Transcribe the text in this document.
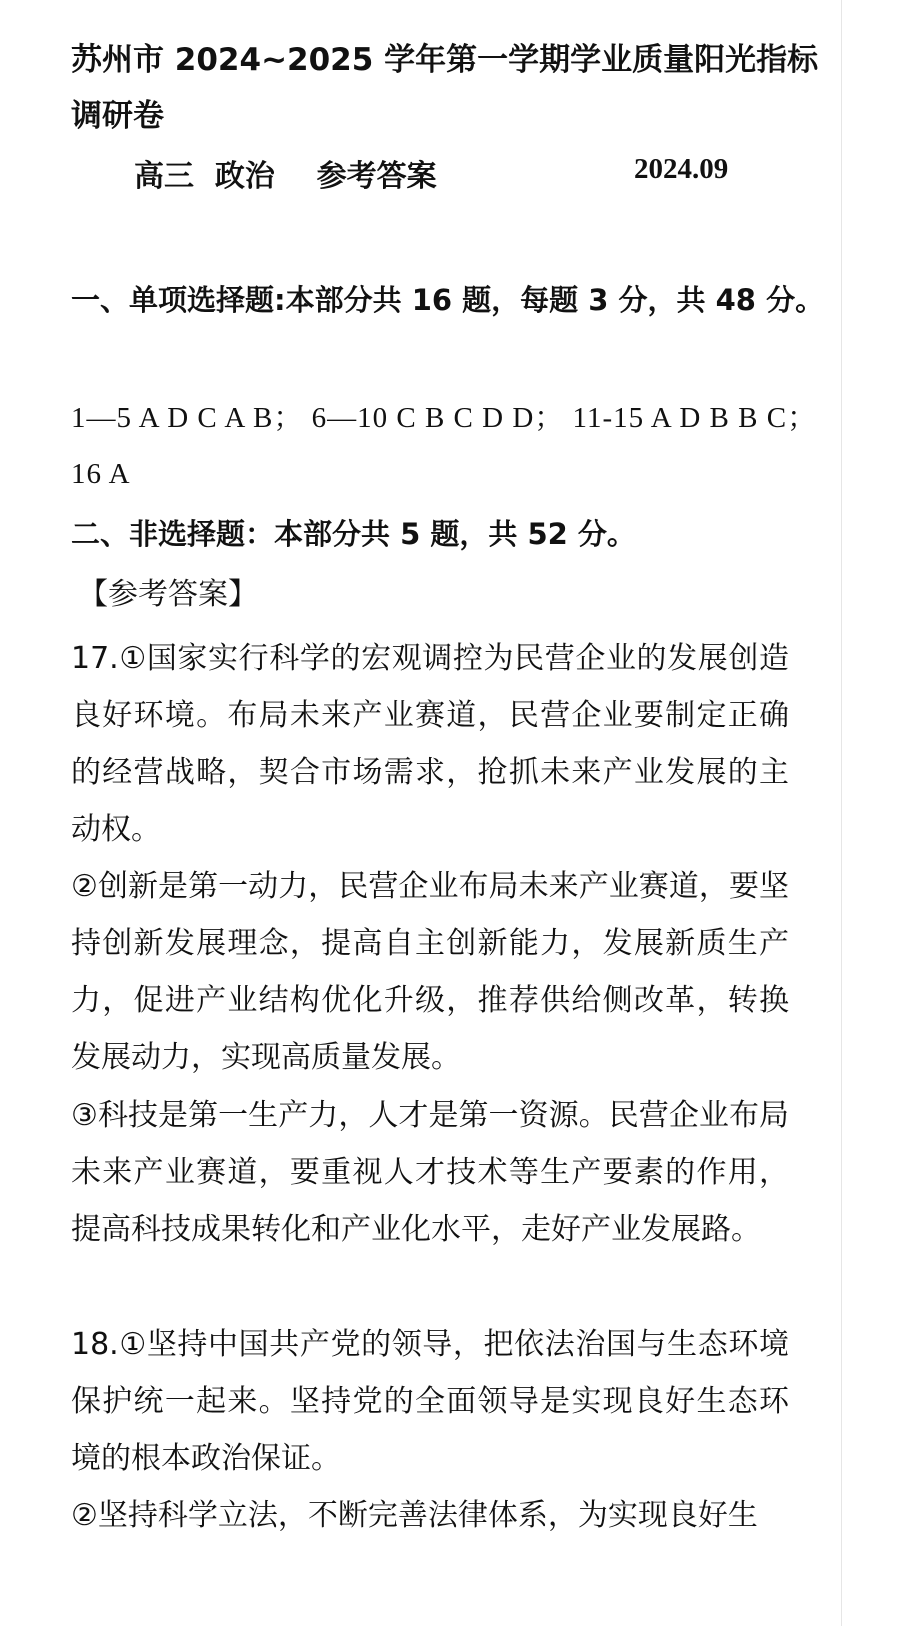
苏州市 2024~2025 学年第一学期学业质量阳光指标调研卷
高三  政治    参考答案	2024.09
一、单项选择题:本部分共 16 题，每题 3 分，共 48 分。
1—5 A D C A B； 6—10 C B C D D； 11-15 A D B B C；16 A
二、非选择题：本部分共 5 题，共 52 分。
【参考答案】
17.①国家实行科学的宏观调控为民营企业的发展创造良好环境。布局未来产业赛道，民营企业要制定正确的经营战略，契合市场需求，抢抓未来产业发展的主动权。
②创新是第一动力，民营企业布局未来产业赛道，要坚持创新发展理念，提高自主创新能力，发展新质生产力，促进产业结构优化升级，推荐供给侧改革，转换发展动力，实现高质量发展。
③科技是第一生产力，人才是第一资源。民营企业布局未来产业赛道，要重视人才技术等生产要素的作用，提高科技成果转化和产业化水平，走好产业发展路。
18.①坚持中国共产党的领导，把依法治国与生态环境保护统一起来。坚持党的全面领导是实现良好生态环境的根本政治保证。
②坚持科学立法，不断完善法律体系，为实现良好生
